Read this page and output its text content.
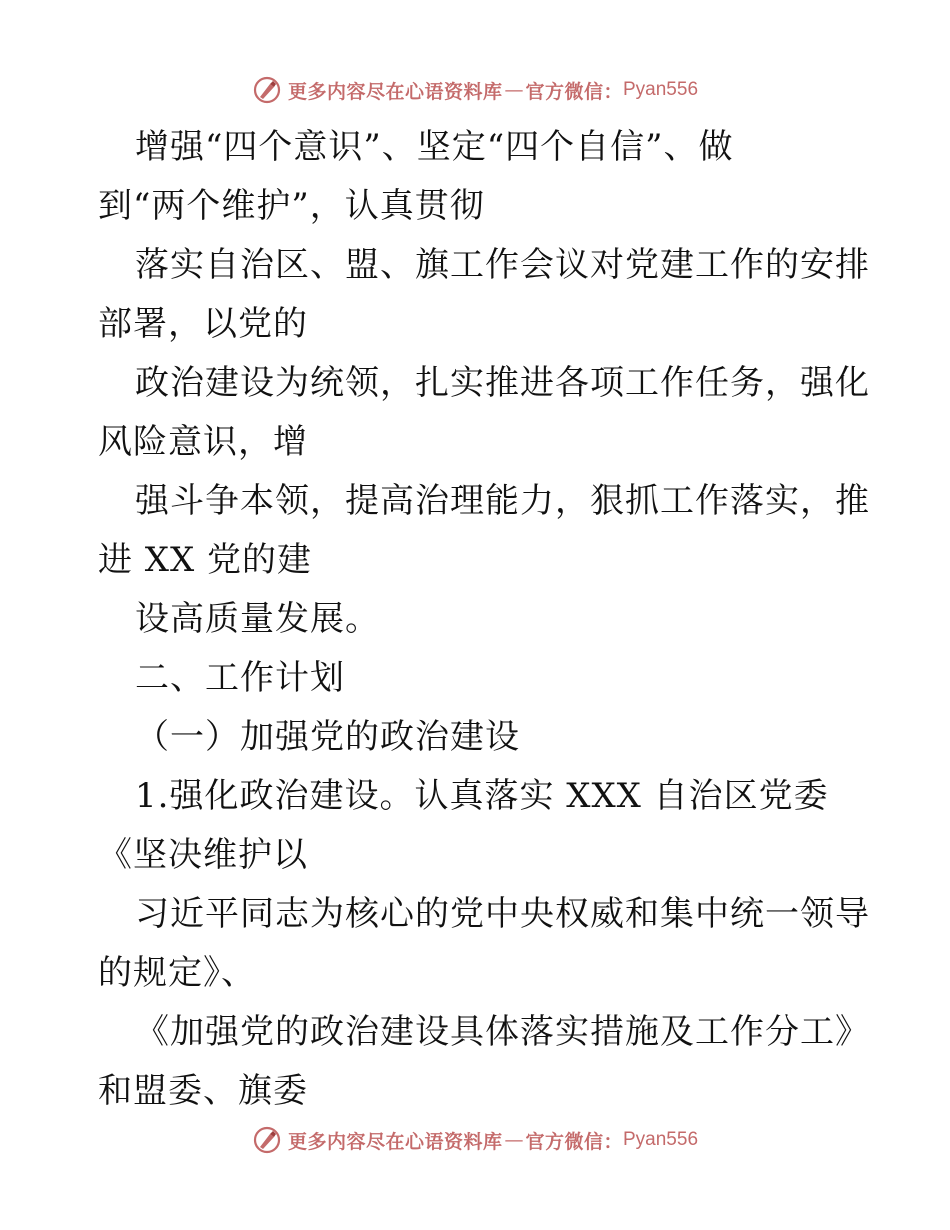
更多内容尽在心语资料库 — 官方微信： Pyan556
增强“四个意识”、坚定“四个自信”、做
到“两个维护”，认真贯彻
落实自治区、盟、旗工作会议对党建工作的安排
部署，以党的
政治建设为统领，扎实推进各项工作任务，强化
风险意识，增
强斗争本领，提高治理能力，狠抓工作落实，推
进 XX 党的建
设高质量发展。
二、工作计划
（一）加强党的政治建设
1.强化政治建设。认真落实 XXX 自治区党委
《坚决维护以
习近平同志为核心的党中央权威和集中统一领导
的规定》、
《加强党的政治建设具体落实措施及工作分工》
和盟委、旗委
更多内容尽在心语资料库 — 官方微信： Pyan556
